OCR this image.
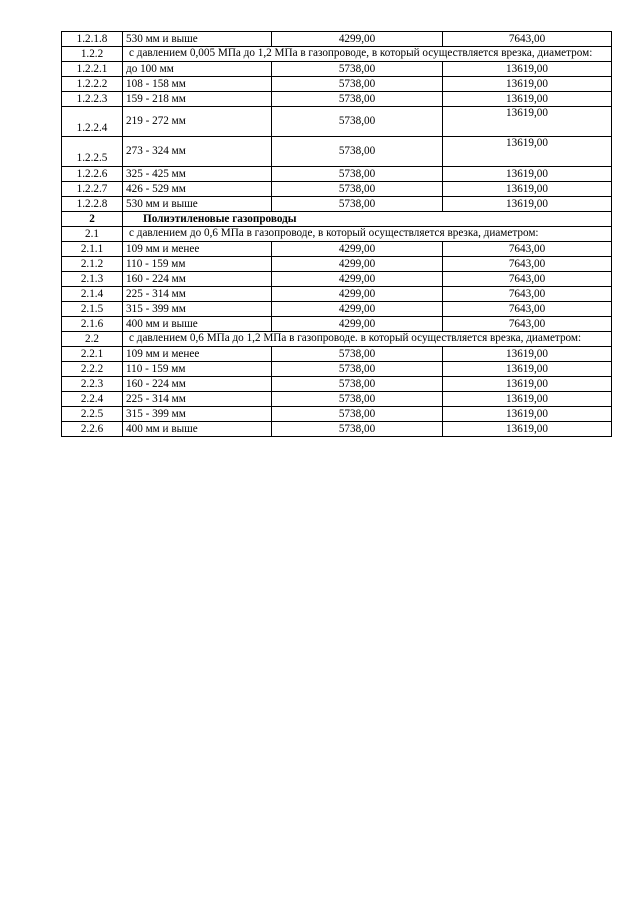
1.2.1.8	530 мм и выше	4299,00	7643,00
1.2.2	с давлением 0,005 МПа до 1,2 МПа в газопроводе, в который осуществляется врезка, диаметром:		
1.2.2.1	до 100 мм	5738,00	13619,00
1.2.2.2	108 - 158 мм	5738,00	13619,00
1.2.2.3	159 - 218 мм	5738,00	13619,00
1.2.2.4	219 - 272 мм	5738,00	13619,00
1.2.2.5	273 - 324 мм	5738,00	13619,00
1.2.2.6	325 - 425 мм	5738,00	13619,00
1.2.2.7	426 - 529 мм	5738,00	13619,00
1.2.2.8	530 мм и выше	5738,00	13619,00
2	Полиэтиленовые газопроводы		
2.1	с давлением до 0,6 МПа в газопроводе, в который осуществляется врезка, диаметром:		
2.1.1	109 мм и менее	4299,00	7643,00
2.1.2	110 - 159 мм	4299,00	7643,00
2.1.3	160 - 224 мм	4299,00	7643,00
2.1.4	225 - 314 мм	4299,00	7643,00
2.1.5	315 - 399 мм	4299,00	7643,00
2.1.6	400 мм и выше	4299,00	7643,00
2.2	с давлением 0,6 МПа до 1,2 МПа в газопроводе. в который осуществляется врезка, диаметром:		
2.2.1	109 мм и менее	5738,00	13619,00
2.2.2	110 - 159 мм	5738,00	13619,00
2.2.3	160 - 224 мм	5738,00	13619,00
2.2.4	225 - 314 мм	5738,00	13619,00
2.2.5	315 - 399 мм	5738,00	13619,00
2.2.6	400 мм и выше	5738,00	13619,00
